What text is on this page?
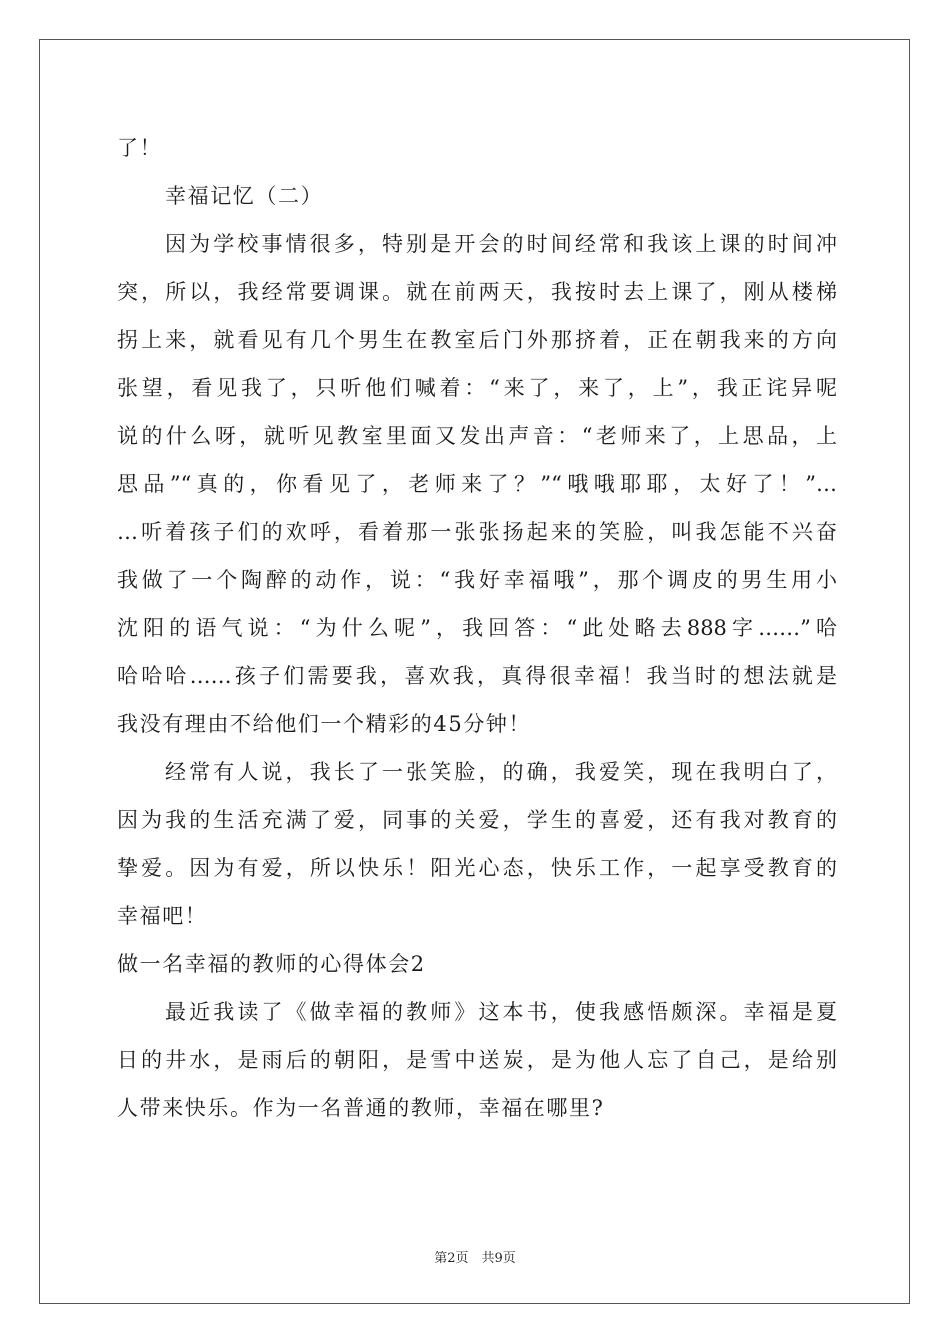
了！
幸福记忆（二）
因为学校事情很多，特别是开会的时间经常和我该上课的时间冲
突，所以，我经常要调课。就在前两天，我按时去上课了，刚从楼梯
拐上来，就看见有几个男生在教室后门外那挤着，正在朝我来的方向
张望，看见我了，只听他们喊着：“来了，来了，上”，我正诧异呢
说的什么呀，就听见教室里面又发出声音：“老师来了，上思品，上
思品”“真的，你看见了，老师来了？”“哦哦耶耶，太好了！”…
…听着孩子们的欢呼，看着那一张张扬起来的笑脸，叫我怎能不兴奋
我做了一个陶醉的动作，说：“我好幸福哦”，那个调皮的男生用小
沈阳的语气说：“为什么呢”，我回答：“此处略去888字……”哈
哈哈哈……孩子们需要我，喜欢我，真得很幸福！我当时的想法就是
我没有理由不给他们一个精彩的45分钟！
经常有人说，我长了一张笑脸，的确，我爱笑，现在我明白了，
因为我的生活充满了爱，同事的关爱，学生的喜爱，还有我对教育的
挚爱。因为有爱，所以快乐！阳光心态，快乐工作，一起享受教育的
幸福吧！
做一名幸福的教师的心得体会2
最近我读了《做幸福的教师》这本书，使我感悟颇深。幸福是夏
日的井水，是雨后的朝阳，是雪中送炭，是为他人忘了自己，是给别
人带来快乐。作为一名普通的教师，幸福在哪里?
第2页　共9页
